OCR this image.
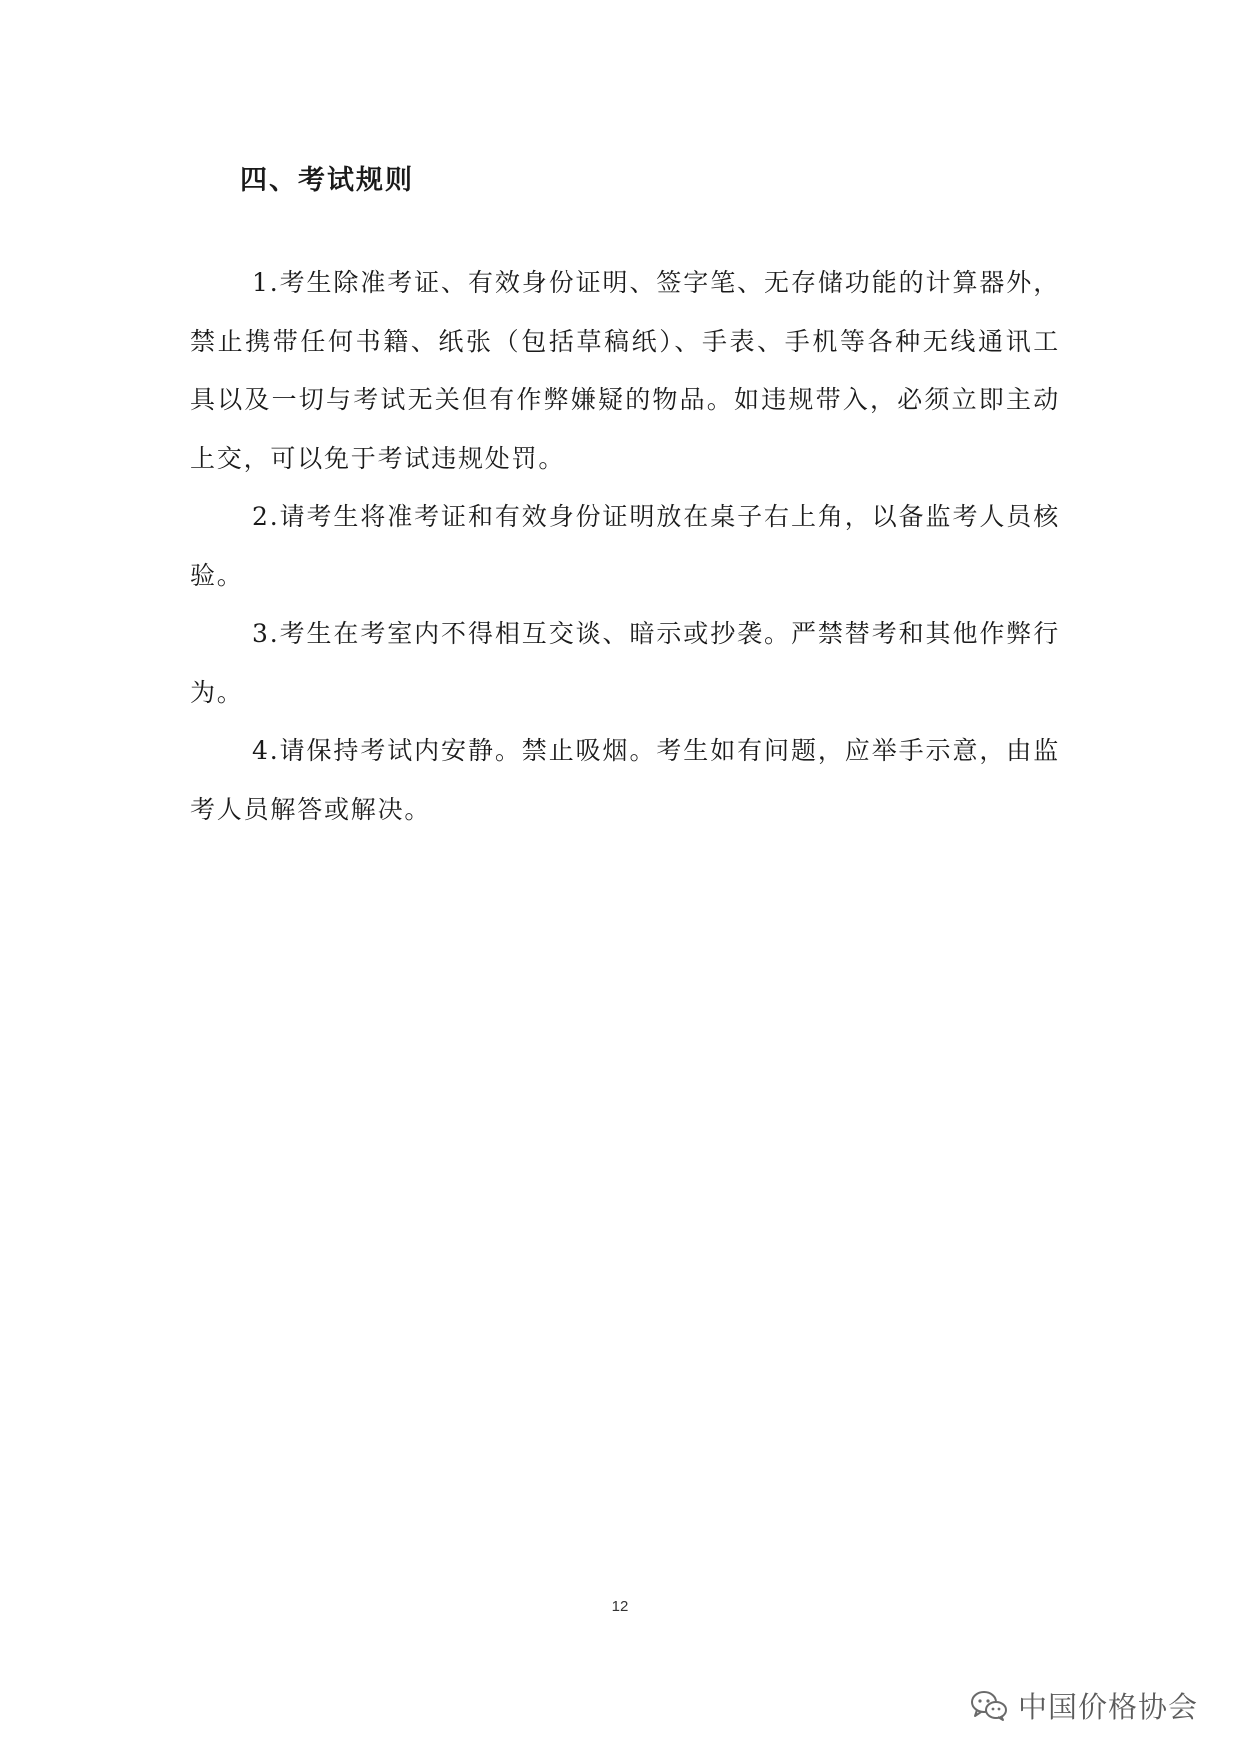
四、考试规则

1.考生除准考证、有效身份证明、签字笔、无存储功能的计算器外，禁止携带任何书籍、纸张（包括草稿纸）、手表、手机等各种无线通讯工具以及一切与考试无关但有作弊嫌疑的物品。如违规带入，必须立即主动上交，可以免于考试违规处罚。

2.请考生将准考证和有效身份证明放在桌子右上角，以备监考人员核验。

3.考生在考室内不得相互交谈、暗示或抄袭。严禁替考和其他作弊行为。

4.请保持考试内安静。禁止吸烟。考生如有问题，应举手示意，由监考人员解答或解决。

12

中国价格协会
